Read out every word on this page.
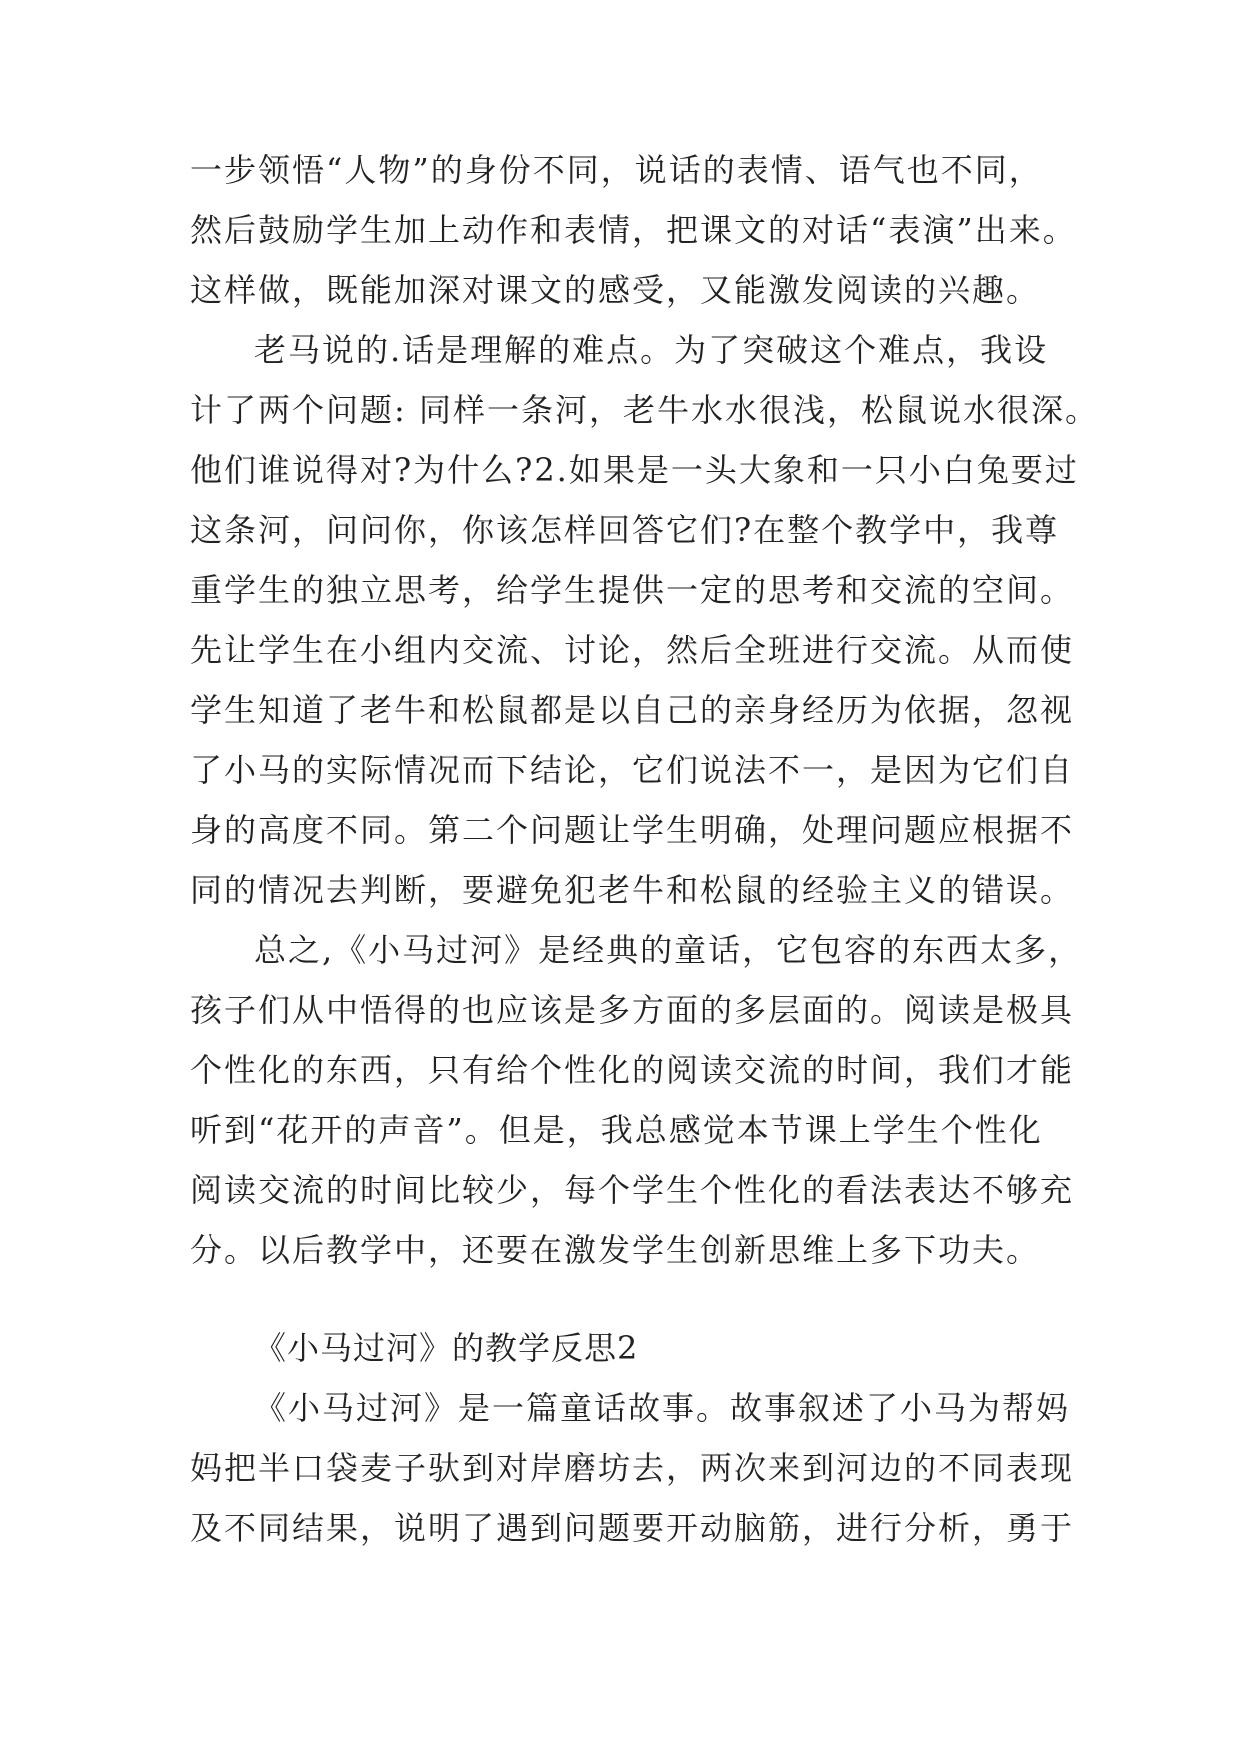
一步领悟“人物”的身份不同，说话的表情、语气也不同，

然后鼓励学生加上动作和表情，把课文的对话“表演”出来。

这样做，既能加深对课文的感受，又能激发阅读的兴趣。

老马说的.话是理解的难点。为了突破这个难点，我设

计了两个问题: 同样一条河，老牛水水很浅，松鼠说水很深。

他们谁说得对?为什么?2.如果是一头大象和一只小白兔要过

这条河，问问你，你该怎样回答它们?在整个教学中，我尊

重学生的独立思考，给学生提供一定的思考和交流的空间。

先让学生在小组内交流、讨论，然后全班进行交流。从而使

学生知道了老牛和松鼠都是以自己的亲身经历为依据，忽视

了小马的实际情况而下结论，它们说法不一，是因为它们自

身的高度不同。第二个问题让学生明确，处理问题应根据不

同的情况去判断，要避免犯老牛和松鼠的经验主义的错误。

总之,《小马过河》是经典的童话，它包容的东西太多，

孩子们从中悟得的也应该是多方面的多层面的。阅读是极具

个性化的东西，只有给个性化的阅读交流的时间，我们才能

听到“花开的声音”。但是，我总感觉本节课上学生个性化

阅读交流的时间比较少，每个学生个性化的看法表达不够充

分。以后教学中，还要在激发学生创新思维上多下功夫。

《小马过河》的教学反思2

《小马过河》是一篇童话故事。故事叙述了小马为帮妈

妈把半口袋麦子驮到对岸磨坊去，两次来到河边的不同表现

及不同结果，说明了遇到问题要开动脑筋，进行分析，勇于
